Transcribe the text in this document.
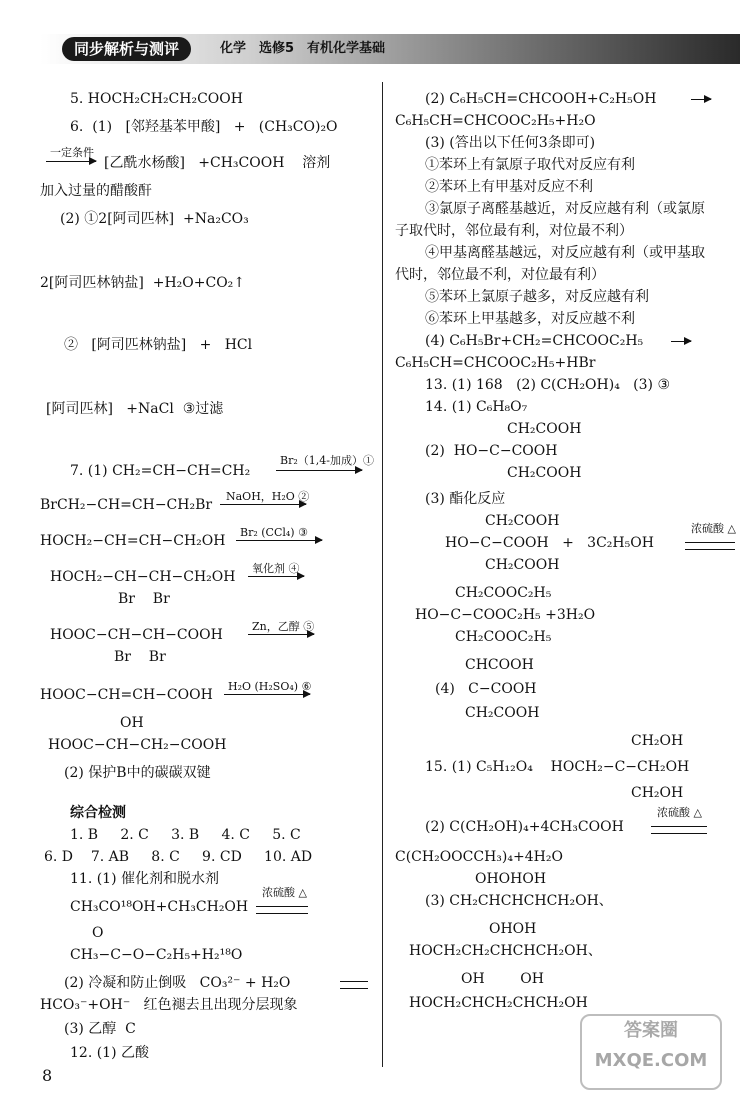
同步解析与测评	化学　选修5　有机化学基础
5. HOCH₂CH₂CH₂COOH
6.  (1)   [邻羟基苯甲酸]   +   (CH₃CO)₂O
一定条件
→ [乙酰水杨酸]   +CH₃COOH    溶剂
加入过量的醋酸酐
(2) ①2[阿司匹林]  +Na₂CO₃
2[阿司匹林钠盐]  +H₂O+CO₂↑
②   [阿司匹林钠盐]   +   HCl
[阿司匹林]   +NaCl  ③过滤
7. (1) CH₂=CH−CH=CH₂
Br₂（1,4-加成）①
BrCH₂−CH=CH−CH₂Br
NaOH，H₂O ②
HOCH₂−CH=CH−CH₂OH
Br₂ (CCl₄) ③
HOCH₂−CH−CH−CH₂OH
氧化剂 ④
Br    Br
HOOC−CH−CH−COOH
Zn，乙醇 ⑤
Br    Br
HOOC−CH=CH−COOH
H₂O (H₂SO₄) ⑥
OH
HOOC−CH−CH₂−COOH
(2) 保护B中的碳碳双键
综合检测
1. B     2. C     3. B     4. C     5. C
6. D    7. AB     8. C     9. CD     10. AD
11. (1) 催化剂和脱水剂
CH₃CO¹⁸OH+CH₃CH₂OH
浓硫酸 △
O
CH₃−C−O−C₂H₅+H₂¹⁸O
(2) 冷凝和防止倒吸   CO₃²⁻ + H₂O
HCO₃⁻+OH⁻   红色褪去且出现分层现象
(3) 乙醇  C
12. (1) 乙酸
(2) C₆H₅CH=CHCOOH+C₂H₅OH
C₆H₅CH=CHCOOC₂H₅+H₂O
(3) (答出以下任何3条即可)
①苯环上有氯原子取代对反应有利
②苯环上有甲基对反应不利
③氯原子离醛基越近，对反应越有利（或氯原
子取代时，邻位最有利，对位最不利）
④甲基离醛基越远，对反应越有利（或甲基取
代时，邻位最不利，对位最有利）
⑤苯环上氯原子越多，对反应越有利
⑥苯环上甲基越多，对反应越不利
(4) C₆H₅Br+CH₂=CHCOOC₂H₅
C₆H₅CH=CHCOOC₂H₅+HBr
13. (1) 168   (2) C(CH₂OH)₄   (3) ③
14. (1) C₆H₈O₇
CH₂COOH
(2)  HO−C−COOH
CH₂COOH
(3) 酯化反应
CH₂COOH
HO−C−COOH   +   3C₂H₅OH
浓硫酸 △
CH₂COOH
CH₂COOC₂H₅
HO−C−COOC₂H₅ +3H₂O
CH₂COOC₂H₅
CHCOOH
(4)   C−COOH
CH₂COOH
CH₂OH
15. (1) C₅H₁₂O₄    HOCH₂−C−CH₂OH
CH₂OH
(2) C(CH₂OH)₄+4CH₃COOH
浓硫酸 △
C(CH₂OOCCH₃)₄+4H₂O
OHOHOH
(3) CH₂CHCHCHCH₂OH、
OHOH
HOCH₂CH₂CHCHCH₂OH、
OH        OH
HOCH₂CHCH₂CHCH₂OH
8
答案圈 MXQE.COM
